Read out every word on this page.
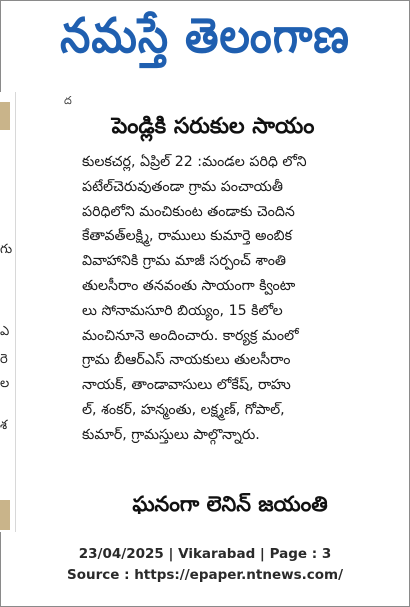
నమస్తే తెలంగాణ
గు
ఎ
రె
ల
శ
ద
పెండ్లికి సరుకుల సాయం
కులకచర్ల, ఏప్రిల్ 22 :మండల పరిధి లోని
పటేల్‌చెరువుతండా గ్రామ పంచాయతీ
పరిధిలోని మంచికుంట తండాకు చెందిన
కేతావత్‌లక్ష్మి, రాములు కుమార్తె అంబిక
వివాహానికి గ్రామ మాజీ సర్పంచ్ శాంతి
తులసీరాం తనవంతు సాయంగా క్వింటా
లు సోనామసూరి బియ్యం, 15 కిలోల
మంచినూనె అందించారు. కార్యక్ర మంలో
గ్రామ బీఆర్‌ఎస్ నాయకులు తులసీరాం
నాయక్, తాండావాసులు లోకేష్, రాహు
ల్, శంకర్, హన్మంతు, లక్ష్మణ్, గోపాల్,
కుమార్, గ్రామస్తులు పాల్గొన్నారు.
ఘనంగా లెనిన్ జయంతి
23/04/2025 | Vikarabad | Page : 3
Source : https://epaper.ntnews.com/
